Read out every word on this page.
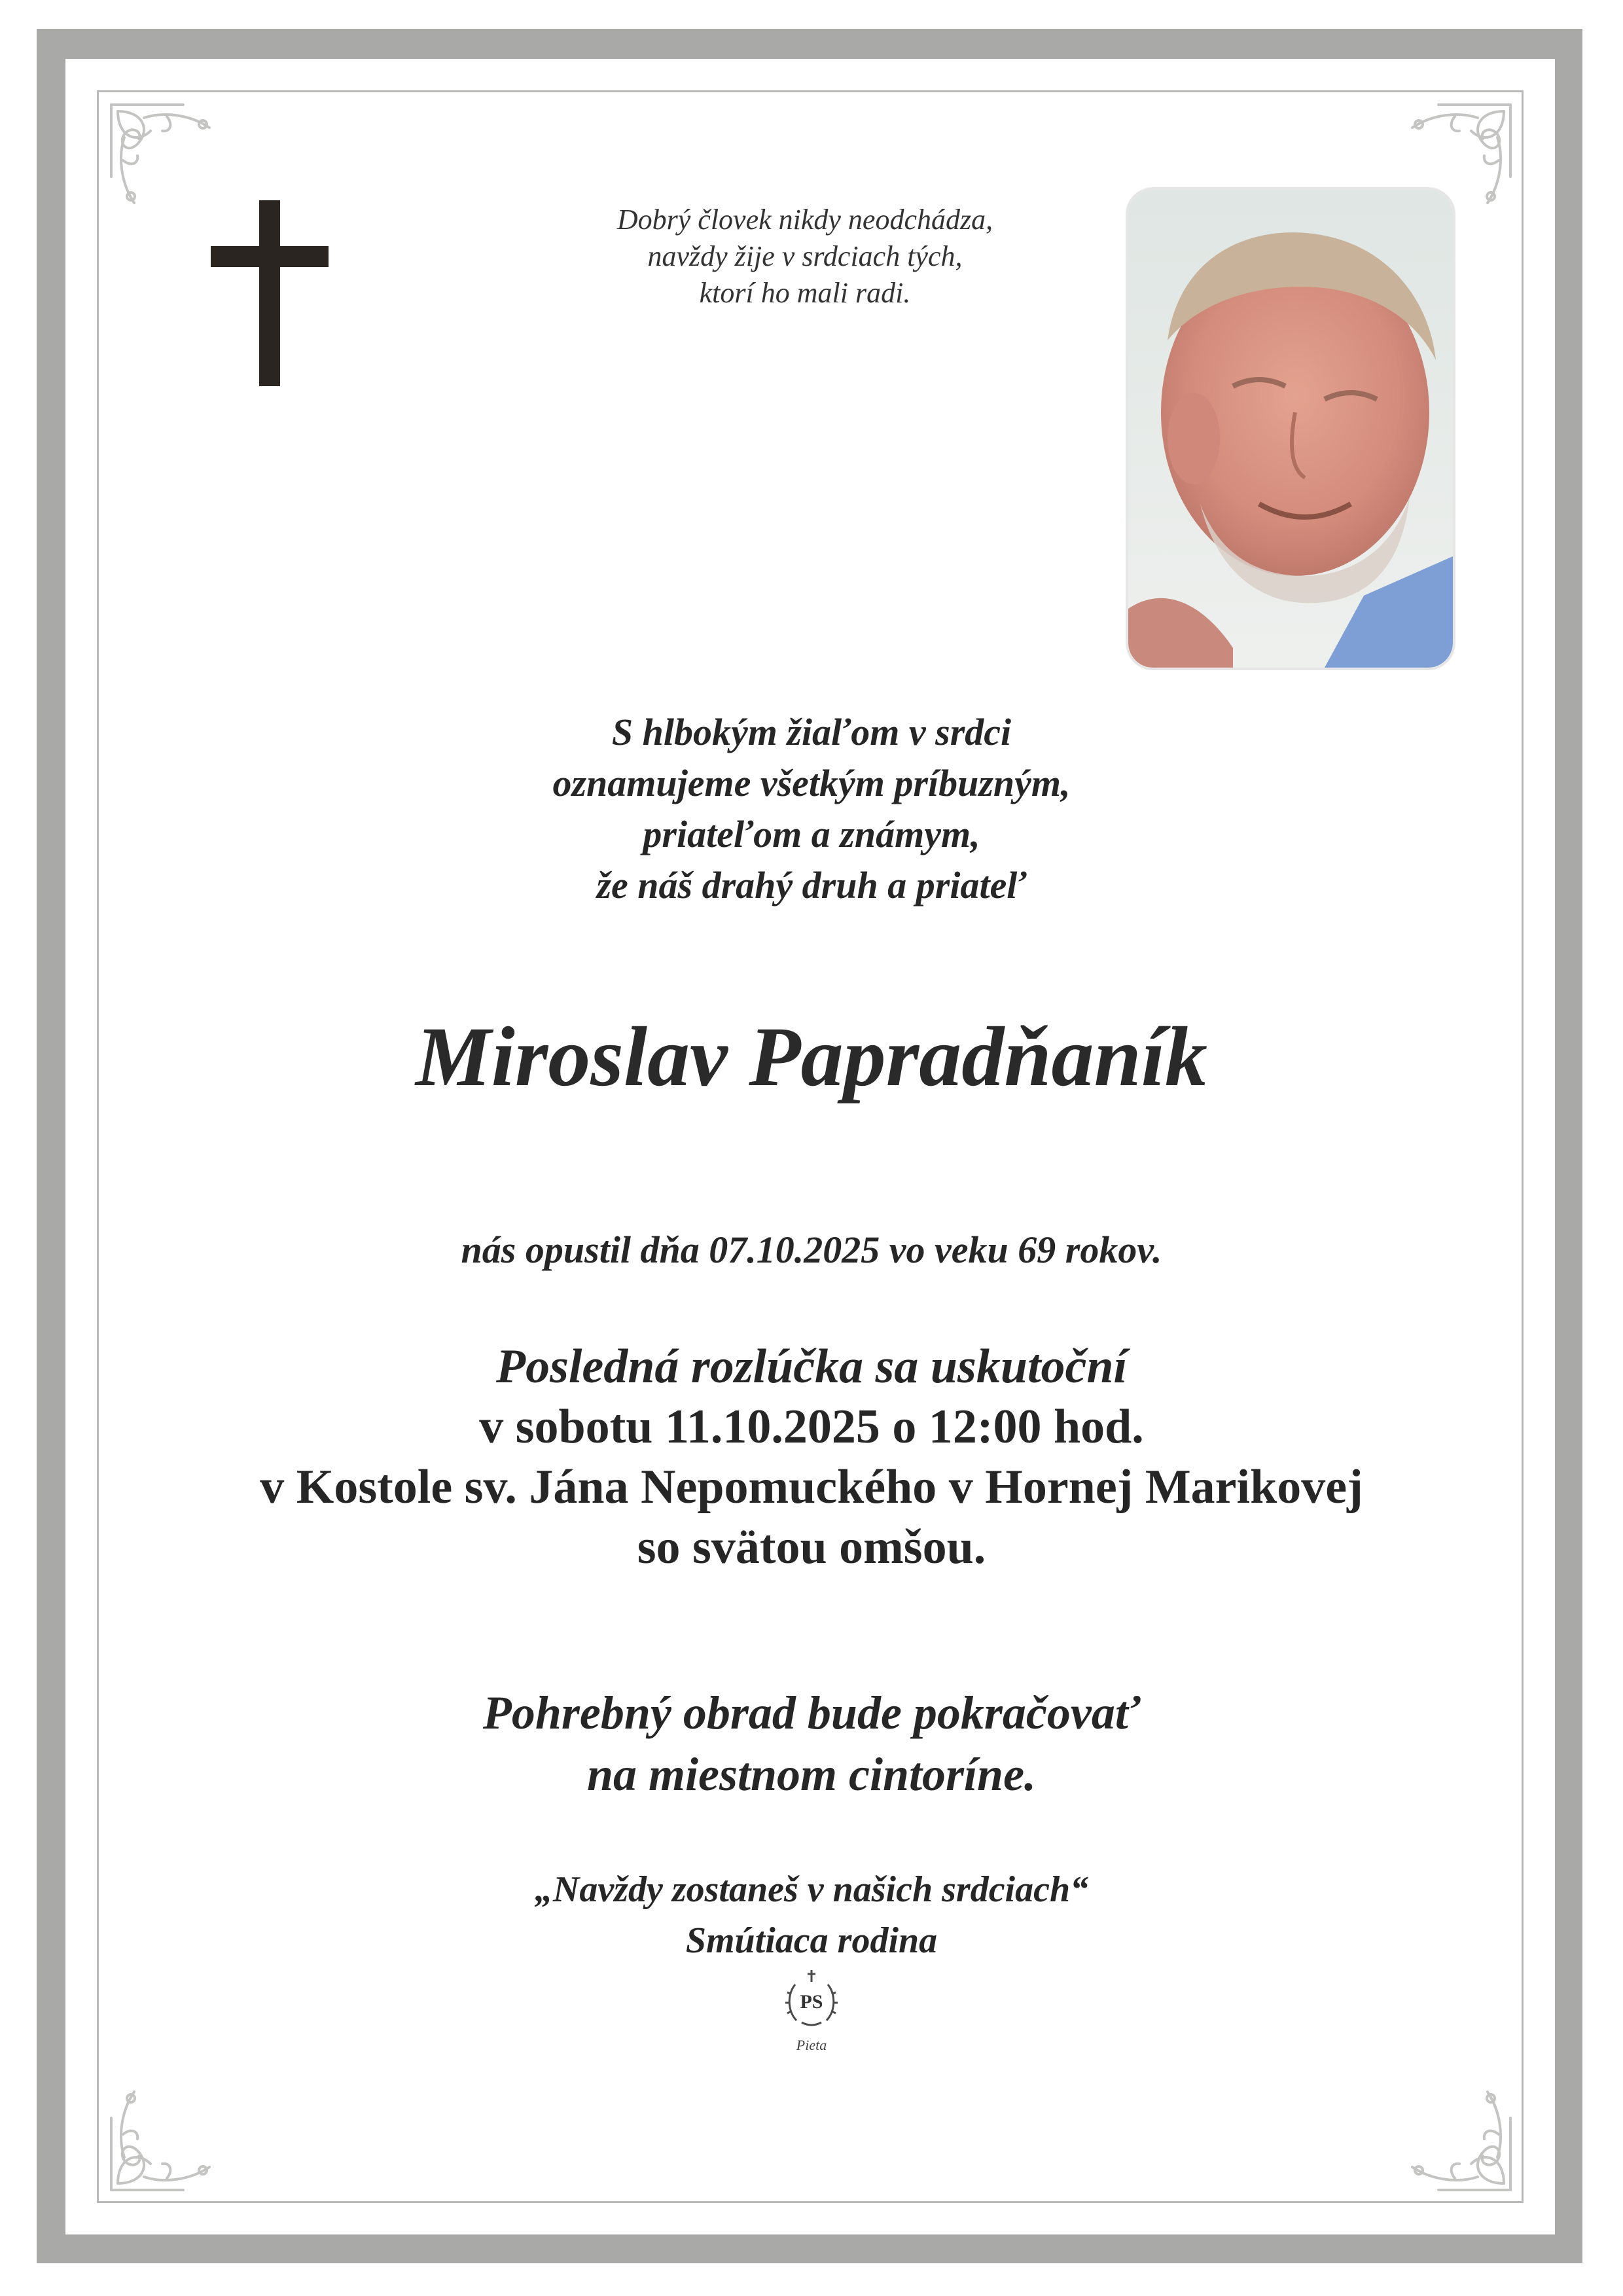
Dobrý človek nikdy neodchádza,
navždy žije v srdciach tých,
ktorí ho mali radi.
S hlbokým žiaľom v srdci
oznamujeme všetkým príbuzným,
priateľom a známym,
že náš drahý druh a priateľ
Miroslav Papradňaník
nás opustil dňa 07.10.2025 vo veku 69 rokov.
Posledná rozlúčka sa uskutoční
v sobotu 11.10.2025 o 12:00 hod.
v Kostole sv. Jána Nepomuckého v Hornej Marikovej
so svätou omšou.
Pohrebný obrad bude pokračovať
na miestnom cintoríne.
„Navždy zostaneš v našich srdciach“
Smútiaca rodina
PS
Pieta
